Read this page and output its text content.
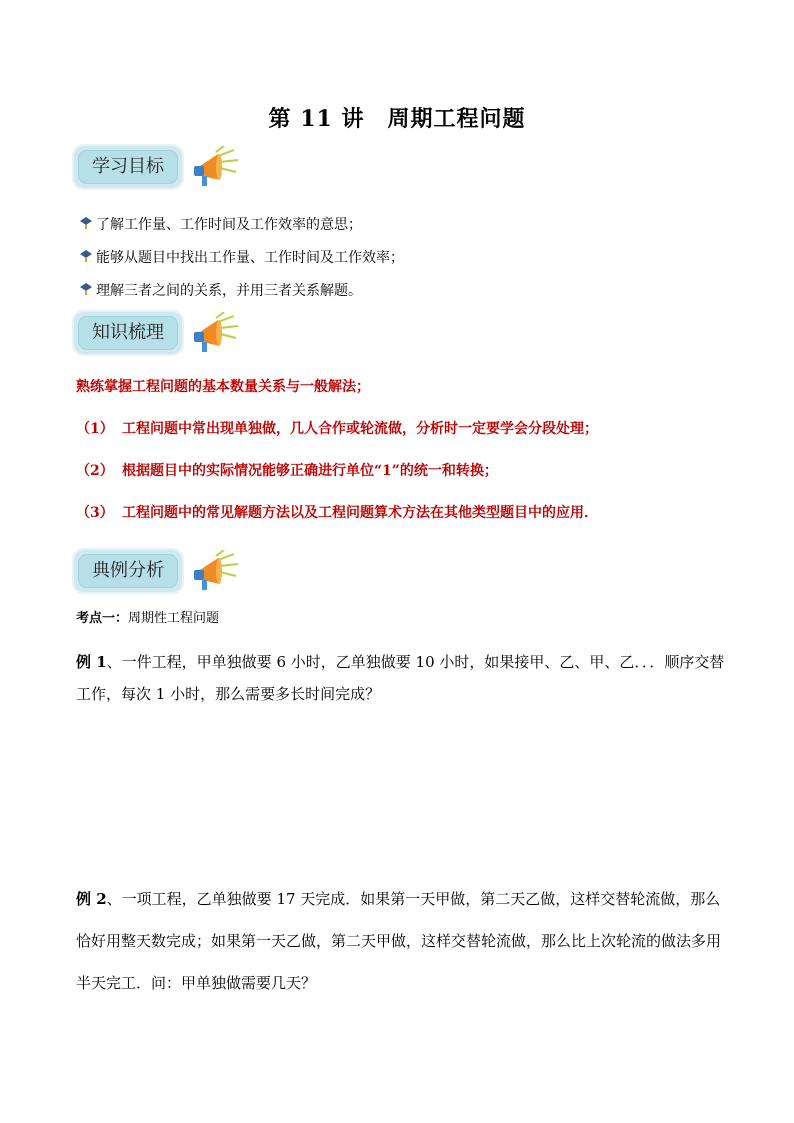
第 11 讲　周期工程问题
学习目标
了解工作量、工作时间及工作效率的意思；
能够从题目中找出工作量、工作时间及工作效率；
理解三者之间的关系，并用三者关系解题。
知识梳理
熟练掌握工程问题的基本数量关系与一般解法；
（1） 工程问题中常出现单独做，几人合作或轮流做，分析时一定要学会分段处理；
（2） 根据题目中的实际情况能够正确进行单位“1”的统一和转换；
（3） 工程问题中的常见解题方法以及工程问题算术方法在其他类型题目中的应用．
典例分析
考点一：周期性工程问题
例 1、一件工程，甲单独做要 6 小时，乙单独做要 10 小时，如果接甲、乙、甲、乙．．．顺序交替工作，每次 1 小时，那么需要多长时间完成？
例 2、一项工程，乙单独做要 17 天完成．如果第一天甲做，第二天乙做，这样交替轮流做，那么恰好用整天数完成；如果第一天乙做，第二天甲做，这样交替轮流做，那么比上次轮流的做法多用半天完工．问：甲单独做需要几天？
